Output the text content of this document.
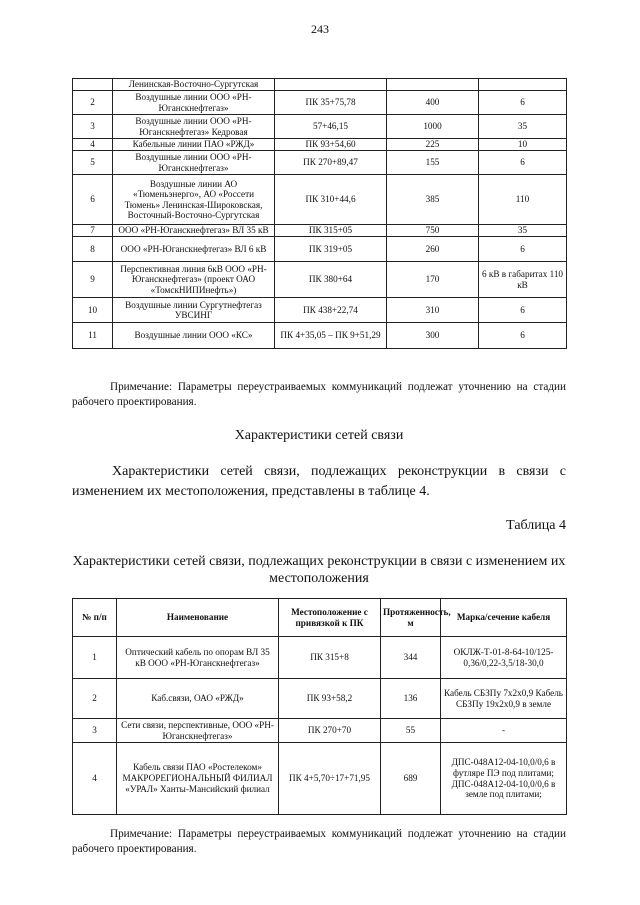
243
	Ленинская-Восточно-Сургутская			
2	Воздушные линии ООО «РН-Юганскнефтегаз»	ПК 35+75,78	400	6
3	Воздушные линии ООО «РН-Юганскнефтегаз» Кедровая	57+46,15	1000	35
4	Кабельные линии ПАО «РЖД»	ПК 93+54,60	225	10
5	Воздушные линии ООО «РН-Юганскнефтегаз»	ПК 270+89,47	155	6
6	Воздушные линии АО «Тюменьэнерго», АО «Россети Тюмень» Ленинская-Широковская, Восточный-Восточно-Сургутская	ПК 310+44,6	385	110
7	ООО «РН-Юганскнефтегаз» ВЛ 35 кВ	ПК 315+05	750	35
8	ООО «РН-Юганскнефтегаз» ВЛ 6 кВ	ПК 319+05	260	6
9	Перспективная линия 6кВ ООО «РН-Юганскнефтегаз» (проект ОАО «ТомскНИПИнефть»)	ПК 380+64	170	6 кВ в габаритах 110 кВ
10	Воздушные линии Сургутнефтегаз УВСИНГ	ПК 438+22,74	310	6
11	Воздушные линии ООО «КС»	ПК 4+35,05 – ПК 9+51,29	300	6
Примечание: Параметры переустраиваемых коммуникаций подлежат уточнению на стадии рабочего проектирования.
Характеристики сетей связи
Характеристики сетей связи, подлежащих реконструкции в связи с изменением их местоположения, представлены в таблице 4.
Таблица 4
Характеристики сетей связи, подлежащих реконструкции в связи с изменением их местоположения
№ п/п	Наименование	Местоположение с привязкой к ПК	Протяженность, м	Марка/сечение кабеля
1	Оптический кабель по опорам ВЛ 35 кВ ООО «РН-Юганскнефтегаз»	ПК 315+8	344	ОКЛЖ-Т-01-8-64-10/125-0,36/0,22-3,5/18-30,0
2	Каб.связи, ОАО «РЖД»	ПК 93+58,2	136	Кабель СБЗПу 7х2х0,9 Кабель СБЗПу 19х2х0,9 в земле
3	Сети связи, перспективные, ООО «РН-Юганскнефтегаз»	ПК 270+70	55	-
4	Кабель связи ПАО «Ростелеком» МАКРОРЕГИОНАЛЬНЫЙ ФИЛИАЛ «УРАЛ» Ханты-Мансийский филиал	ПК 4+5,70÷17+71,95	689	ДПС-048А12-04-10,0/0,6 в футляре ПЭ под плитами; ДПС-048А12-04-10,0/0,6 в земле под плитами;
Примечание: Параметры переустраиваемых коммуникаций подлежат уточнению на стадии рабочего проектирования.
